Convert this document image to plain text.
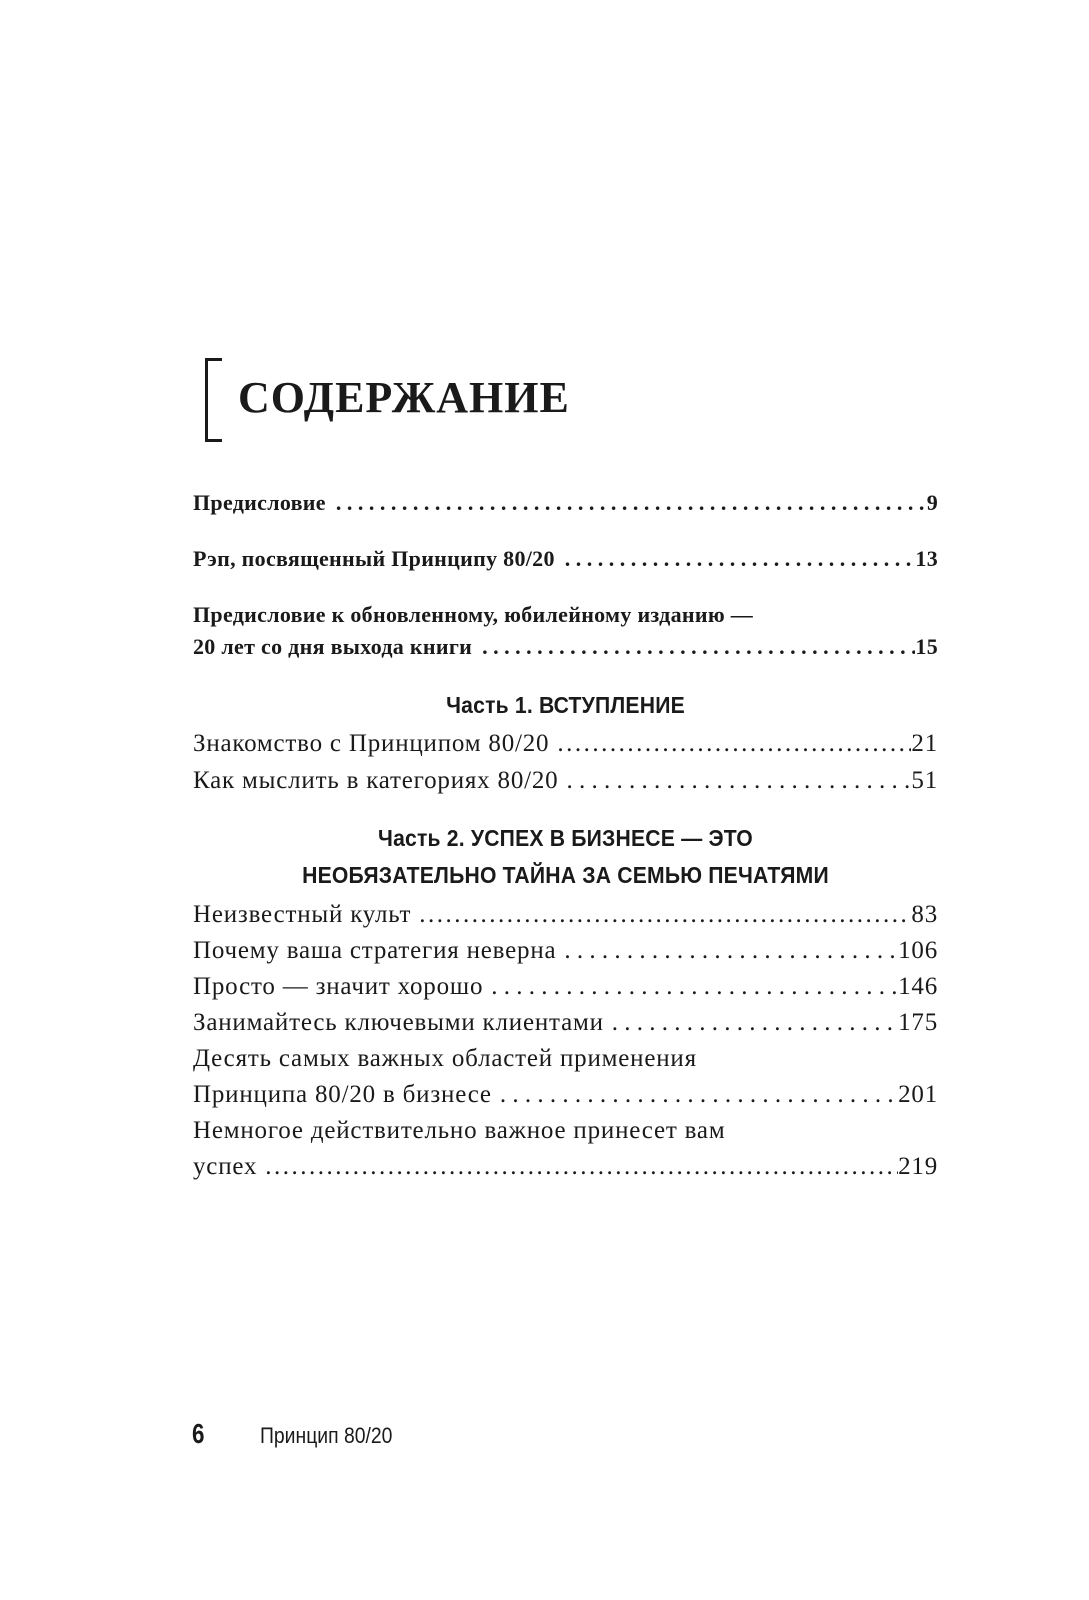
СОДЕРЖАНИЕ
Предисловие . . .	9
Рэп, посвященный Принципу 80/20 . . .	13
Предисловие к обновленному, юбилейному изданию —
20 лет со дня выхода книги . . .	15
Часть 1. ВСТУПЛЕНИЕ
Знакомство с Принципом 80/20 .....	21
Как мыслить в категориях 80/20 . . .	51
Часть 2. УСПЕХ В БИЗНЕСЕ — ЭТО
НЕОБЯЗАТЕЛЬНО ТАЙНА ЗА СЕМЬЮ ПЕЧАТЯМИ
Неизвестный культ .....	83
Почему ваша стратегия неверна . . .	106
Просто — значит хорошо . . .	146
Занимайтесь ключевыми клиентами . . .	175
Десять самых важных областей применения
Принципа 80/20 в бизнесе . . .	201
Немногое действительно важное принесет вам
успех .....	219
6	Принцип 80/20
